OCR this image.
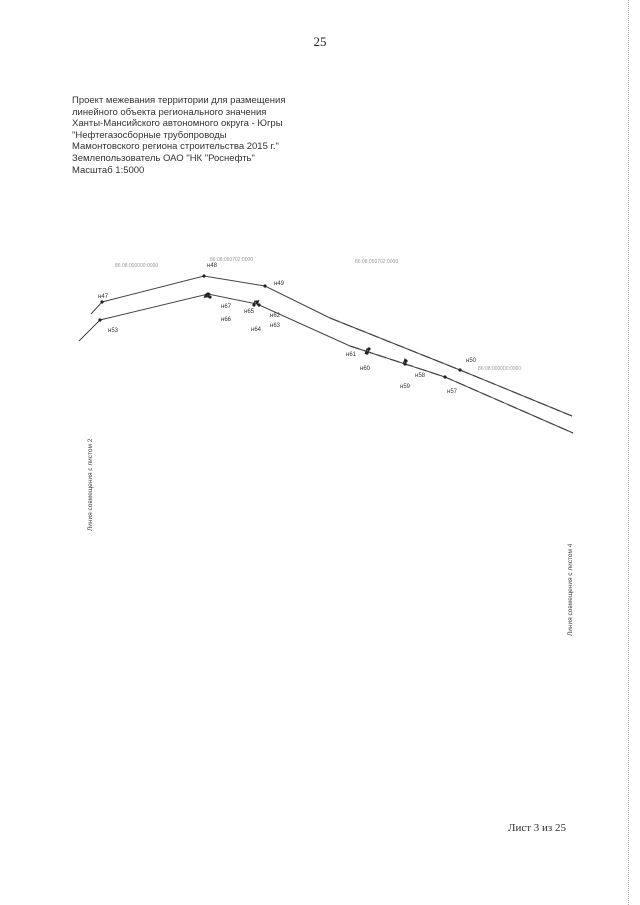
25
Проект межевания территории для размещения
линейного объекта регионального значения
Ханты-Мансийского автономного округа - Югры
"Нефтегазосборные трубопроводы
Мамонтовского региона строительства 2015 г."
Землепользователь ОАО "НК "Роснефть"
Масштаб 1:5000
н47
н48
н49
н50
н53
н67
н66
н65
н64
н62
н63
н61
н60
н58
н59
н57
86:08:000000:0000
86:08:050702:0000	86:08:050702:0000
86:08:000000:0000
Линия совмещения с листом 2
Линия совмещения с листом 4
Лист 3 из 25
